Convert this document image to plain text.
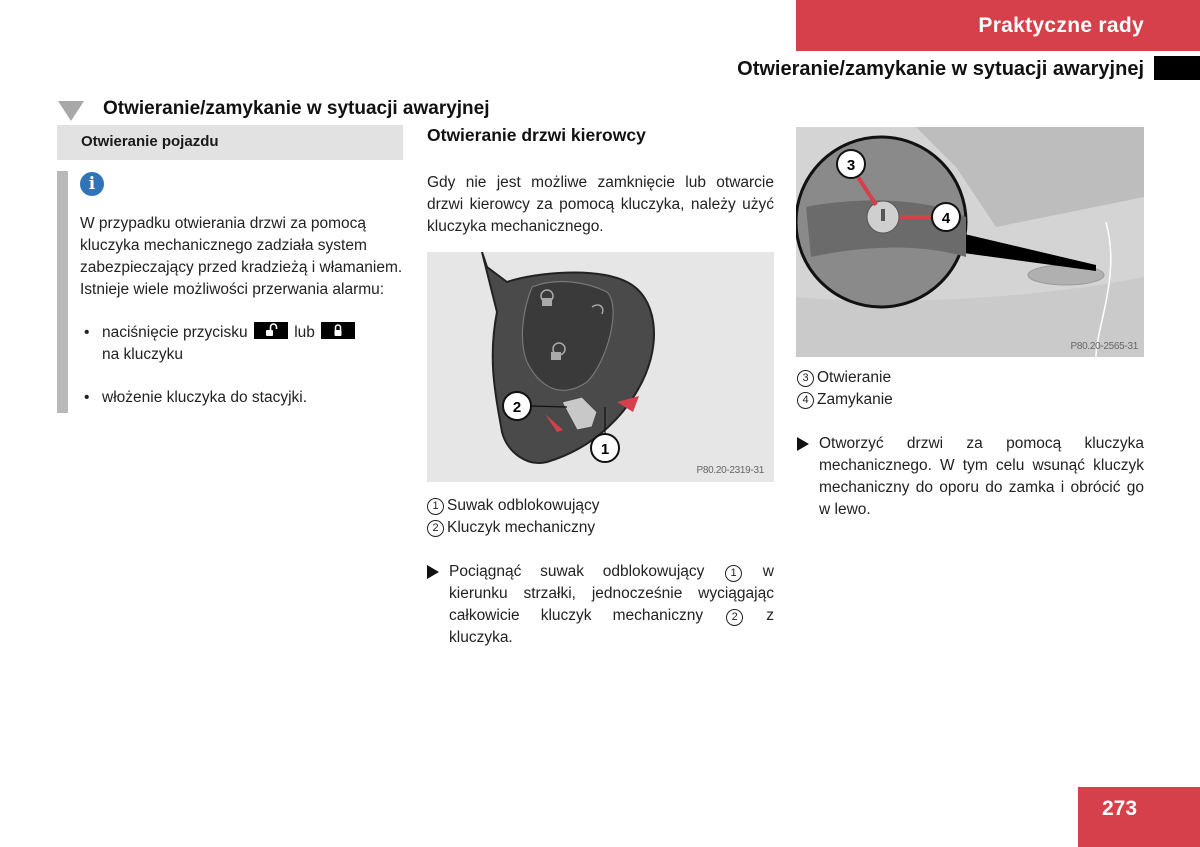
Praktyczne rady
Otwieranie/zamykanie w sytuacji awaryjnej
Otwieranie/zamykanie w sytuacji awaryjnej
Otwieranie pojazdu
i
W przypadku otwierania drzwi za pomocą kluczyka mechanicznego zadziała system zabezpieczający przed kradzieżą i włamaniem. Istnieje wiele możliwości przerwania alarmu:
• naciśnięcie przycisku	lub

na kluczyku
• włożenie kluczyka do stacyjki.
Otwieranie drzwi kierowcy
Gdy nie jest możliwe zamknięcie lub otwarcie drzwi kierowcy za pomocą kluczyka, należy użyć kluczyka mechanicznego.
2
1
P80.20-2319-31
1 Suwak odblokowujący
2 Kluczyk mechaniczny
Pociągnąć suwak odblokowujący 1 w kierunku strzałki, jednocześnie wyciągając całkowicie kluczyk mechaniczny	2 z kluczyka.
3
4
P80.20-2565-31
3 Otwieranie
4 Zamykanie
Otworzyć drzwi za pomocą kluczyka mechanicznego. W tym celu wsunąć kluczyk mechaniczny do oporu do zamka i obrócić go w lewo.
273
